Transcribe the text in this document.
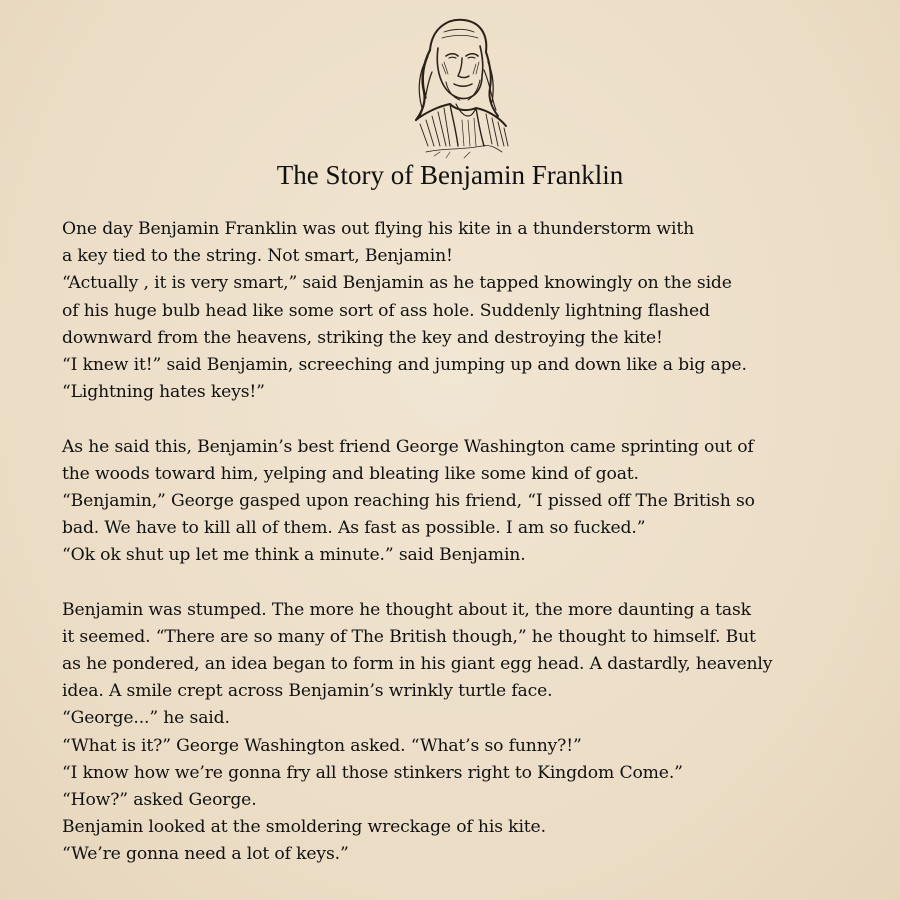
The Story of Benjamin Franklin
One day Benjamin Franklin was out flying his kite in a thunderstorm with
a key tied to the string. Not smart, Benjamin!
“Actually , it is very smart,” said Benjamin as he tapped knowingly on the side
of his huge bulb head like some sort of ass hole. Suddenly lightning flashed
downward from the heavens, striking the key and destroying the kite!
“I knew it!” said Benjamin, screeching and jumping up and down like a big ape.
“Lightning hates keys!”
As he said this, Benjamin’s best friend George Washington came sprinting out of
the woods toward him, yelping and bleating like some kind of goat.
“Benjamin,” George gasped upon reaching his friend, “I pissed off The British so
bad. We have to kill all of them. As fast as possible. I am so fucked.”
“Ok ok shut up let me think a minute.” said Benjamin.
Benjamin was stumped. The more he thought about it, the more daunting a task
it seemed. “There are so many of The British though,” he thought to himself. But
as he pondered, an idea began to form in his giant egg head. A dastardly, heavenly
idea. A smile crept across Benjamin’s wrinkly turtle face.
“George...” he said.
“What is it?” George Washington asked. “What’s so funny?!”
“I know how we’re gonna fry all those stinkers right to Kingdom Come.”
“How?” asked George.
Benjamin looked at the smoldering wreckage of his kite.
“We’re gonna need a lot of keys.”
